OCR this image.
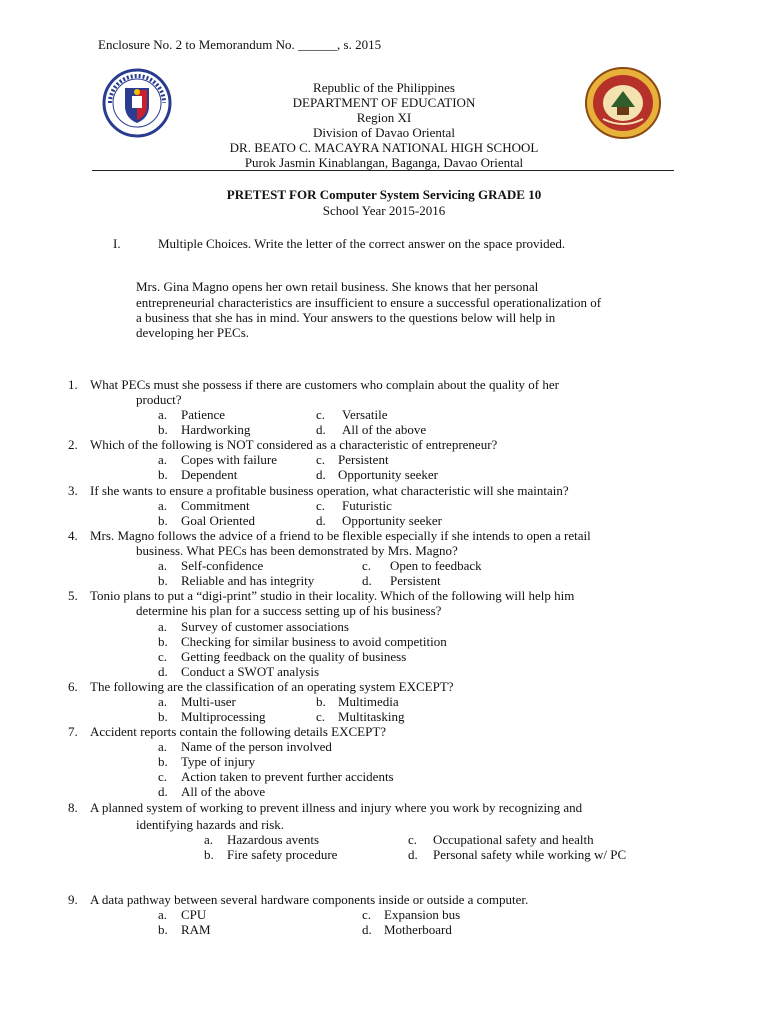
Enclosure No. 2 to Memorandum No. ______, s. 2015
Republic of the Philippines
DEPARTMENT OF EDUCATION
Region XI
Division of Davao Oriental
DR. BEATO C. MACAYRA NATIONAL HIGH SCHOOL
Purok Jasmin Kinablangan, Baganga, Davao Oriental
PRETEST FOR Computer System Servicing GRADE 10
School Year 2015-2016
I.	Multiple Choices. Write the letter of the correct answer on the space provided.
Mrs. Gina Magno opens her own retail business. She knows that her personal
entrepreneurial characteristics are insufficient to ensure a successful operationalization of
a business that she has in mind. Your answers to the questions below will help in
developing her PECs.
1. What PECs must she possess if there are customers who complain about the quality of her
product?
a. Patience	c. Versatile
b. Hardworking	d. All of the above
2. Which of the following is NOT considered as a characteristic of entrepreneur?
a. Copes with failure	c. Persistent
b. Dependent	d. Opportunity seeker
3. If she wants to ensure a profitable business operation, what characteristic will she maintain?
a. Commitment	c. Futuristic
b. Goal Oriented	d. Opportunity seeker
4. Mrs. Magno follows the advice of a friend to be flexible especially if she intends to open a retail
business. What PECs has been demonstrated by Mrs. Magno?
a. Self-confidence	c. Open to feedback
b. Reliable and has integrity	d. Persistent
5. Tonio plans to put a “digi-print” studio in their locality. Which of the following will help him
determine his plan for a success setting up of his business?
a. Survey of customer associations
b. Checking for similar business to avoid competition
c. Getting feedback on the quality of business
d. Conduct a SWOT analysis
6. The following are the classification of an operating system EXCEPT?
a. Multi-user	b. Multimedia
b. Multiprocessing	c. Multitasking
7. Accident reports contain the following details EXCEPT?
a. Name of the person involved
b. Type of injury
c. Action taken to prevent further accidents
d. All of the above
8. A planned system of working to prevent illness and injury where you work by recognizing and
identifying hazards and risk.
a. Hazardous avents	c. Occupational safety and health
b. Fire safety procedure	d. Personal safety while working w/ PC
9. A data pathway between several hardware components inside or outside a computer.
a. CPU	c. Expansion bus
b. RAM	d. Motherboard
